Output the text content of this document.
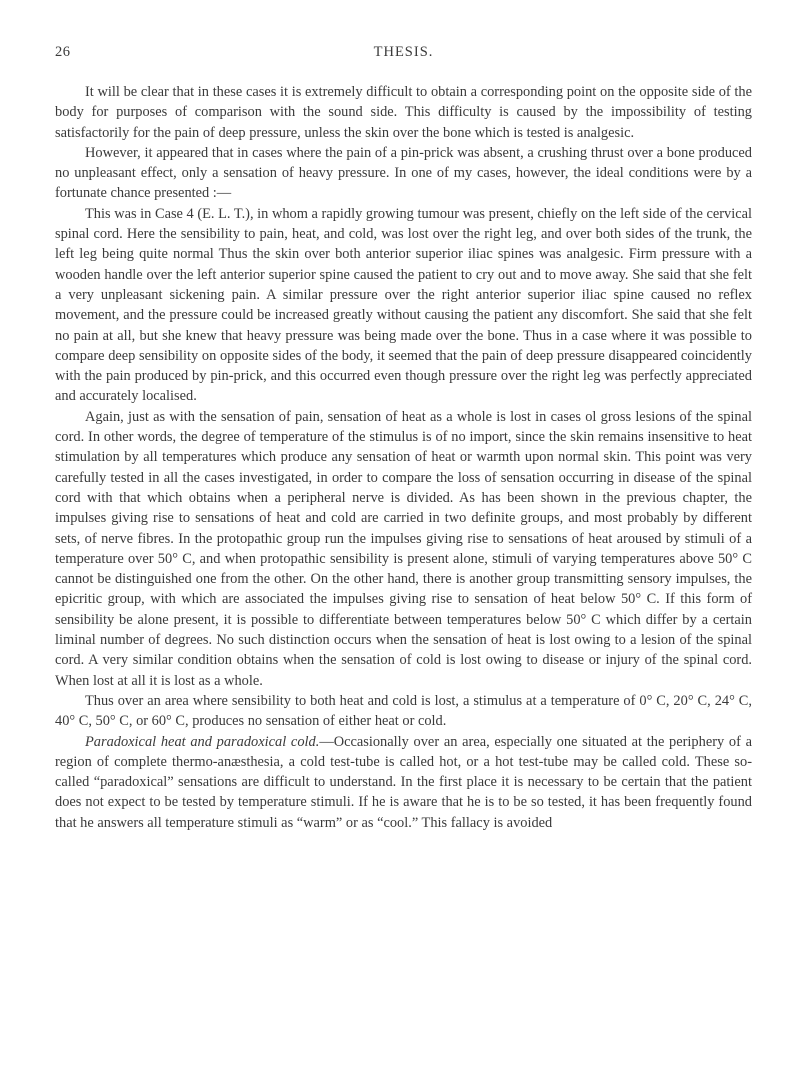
26	THESIS.

It will be clear that in these cases it is extremely difficult to obtain a corresponding point on the opposite side of the body for purposes of comparison with the sound side. This difficulty is caused by the impossibility of testing satisfactorily for the pain of deep pressure, unless the skin over the bone which is tested is analgesic.

However, it appeared that in cases where the pain of a pin-prick was absent, a crushing thrust over a bone produced no unpleasant effect, only a sensation of heavy pressure. In one of my cases, however, the ideal conditions were by a fortunate chance presented :—

This was in Case 4 (E. L. T.), in whom a rapidly growing tumour was present, chiefly on the left side of the cervical spinal cord. Here the sensibility to pain, heat, and cold, was lost over the right leg, and over both sides of the trunk, the left leg being quite normal Thus the skin over both anterior superior iliac spines was analgesic. Firm pressure with a wooden handle over the left anterior superior spine caused the patient to cry out and to move away. She said that she felt a very unpleasant sickening pain. A similar pressure over the right anterior superior iliac spine caused no reflex movement, and the pressure could be increased greatly without causing the patient any discomfort. She said that she felt no pain at all, but she knew that heavy pressure was being made over the bone. Thus in a case where it was possible to compare deep sensibility on opposite sides of the body, it seemed that the pain of deep pressure disappeared coincidently with the pain produced by pin-prick, and this occurred even though pressure over the right leg was perfectly appreciated and accurately localised.

Again, just as with the sensation of pain, sensation of heat as a whole is lost in cases ol gross lesions of the spinal cord. In other words, the degree of temperature of the stimulus is of no import, since the skin remains insensitive to heat stimulation by all temperatures which produce any sensation of heat or warmth upon normal skin. This point was very carefully tested in all the cases investigated, in order to compare the loss of sensation occurring in disease of the spinal cord with that which obtains when a peripheral nerve is divided. As has been shown in the previous chapter, the impulses giving rise to sensations of heat and cold are carried in two definite groups, and most probably by different sets, of nerve fibres. In the protopathic group run the impulses giving rise to sensations of heat aroused by stimuli of a temperature over 50° C, and when protopathic sensibility is present alone, stimuli of varying temperatures above 50° C cannot be distinguished one from the other. On the other hand, there is another group transmitting sensory impulses, the epicritic group, with which are associated the impulses giving rise to sensation of heat below 50° C. If this form of sensibility be alone present, it is possible to differentiate between temperatures below 50° C which differ by a certain liminal number of degrees. No such distinction occurs when the sensation of heat is lost owing to a lesion of the spinal cord. A very similar condition obtains when the sensation of cold is lost owing to disease or injury of the spinal cord. When lost at all it is lost as a whole.

Thus over an area where sensibility to both heat and cold is lost, a stimulus at a temperature of 0° C, 20° C, 24° C, 40° C, 50° C, or 60° C, produces no sensation of either heat or cold.

Paradoxical heat and paradoxical cold.—Occasionally over an area, especially one situated at the periphery of a region of complete thermo-anæsthesia, a cold test-tube is called hot, or a hot test-tube may be called cold. These so-called “paradoxical” sensations are difficult to understand. In the first place it is necessary to be certain that the patient does not expect to be tested by temperature stimuli. If he is aware that he is to be so tested, it has been frequently found that he answers all temperature stimuli as “warm” or as “cool.” This fallacy is avoided
